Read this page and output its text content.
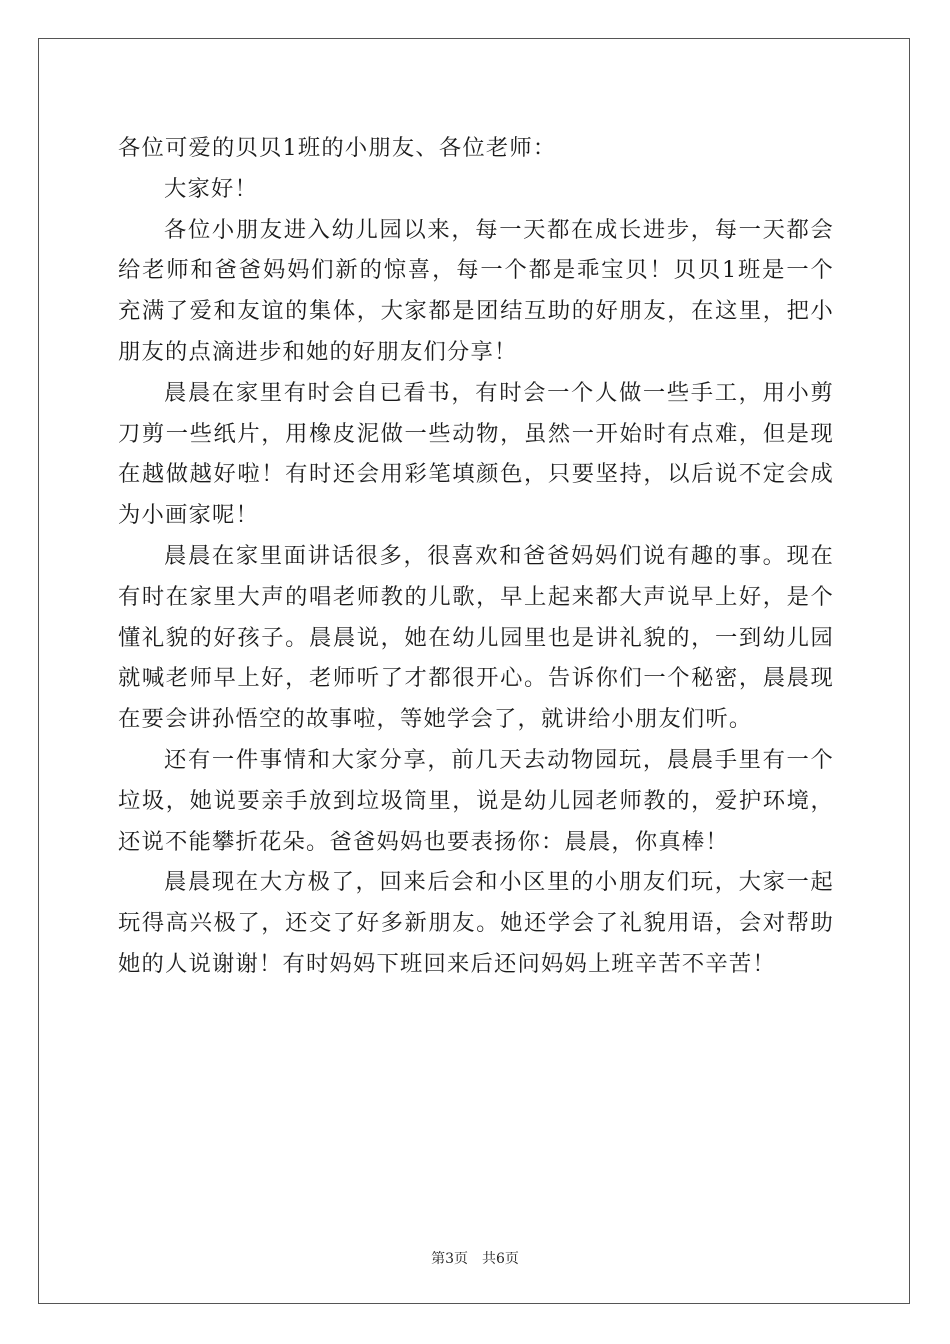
各位可爱的贝贝1班的小朋友、各位老师：

大家好！

各位小朋友进入幼儿园以来，每一天都在成长进步，每一天都会给老师和爸爸妈妈们新的惊喜，每一个都是乖宝贝！贝贝1班是一个充满了爱和友谊的集体，大家都是团结互助的好朋友，在这里，把小朋友的点滴进步和她的好朋友们分享！

晨晨在家里有时会自已看书，有时会一个人做一些手工，用小剪刀剪一些纸片，用橡皮泥做一些动物，虽然一开始时有点难，但是现在越做越好啦！有时还会用彩笔填颜色，只要坚持，以后说不定会成为小画家呢！

晨晨在家里面讲话很多，很喜欢和爸爸妈妈们说有趣的事。现在有时在家里大声的唱老师教的儿歌，早上起来都大声说早上好，是个懂礼貌的好孩子。晨晨说，她在幼儿园里也是讲礼貌的，一到幼儿园就喊老师早上好，老师听了才都很开心。告诉你们一个秘密，晨晨现在要会讲孙悟空的故事啦，等她学会了，就讲给小朋友们听。

还有一件事情和大家分享，前几天去动物园玩，晨晨手里有一个垃圾，她说要亲手放到垃圾筒里，说是幼儿园老师教的，爱护环境，还说不能攀折花朵。爸爸妈妈也要表扬你：晨晨，你真棒！

晨晨现在大方极了，回来后会和小区里的小朋友们玩，大家一起玩得高兴极了，还交了好多新朋友。她还学会了礼貌用语，会对帮助她的人说谢谢！有时妈妈下班回来后还问妈妈上班辛苦不辛苦！

第3页　共6页
